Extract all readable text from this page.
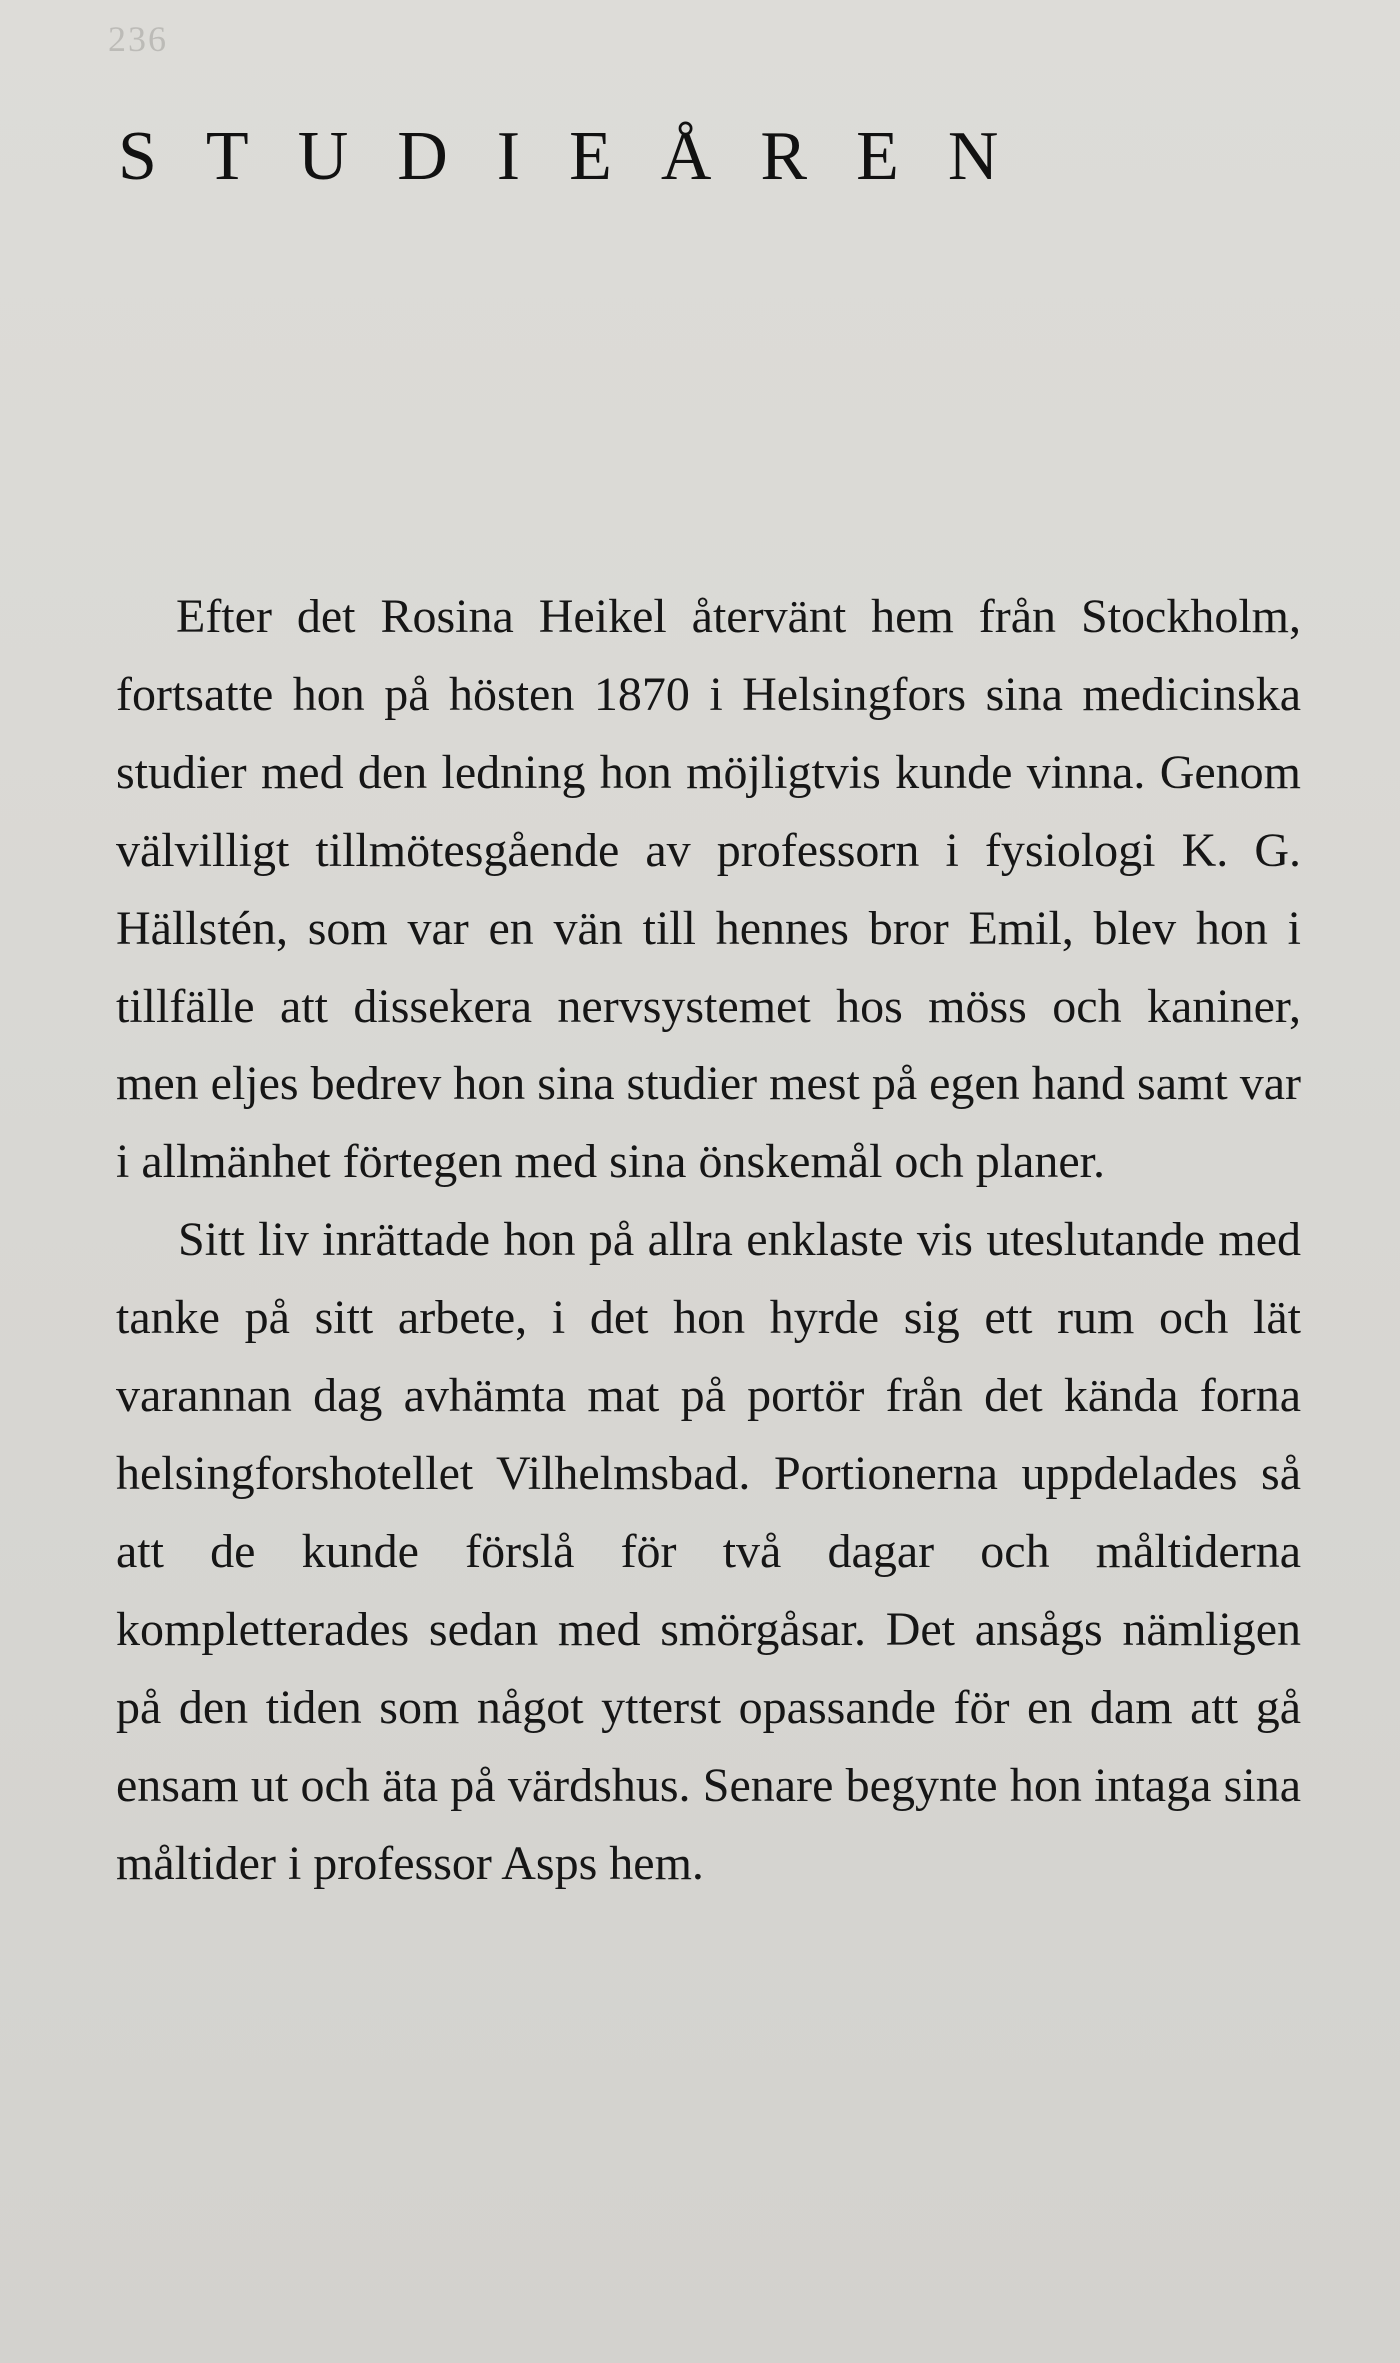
236
STUDIEÅREN

Efter det Rosina Heikel återvänt hem från Stockholm, fortsatte hon på hösten 1870 i Helsingfors sina medicinska studier med den ledning hon möjligtvis kunde vinna. Genom välvilligt tillmötesgående av professorn i fysiologi K. G. Hällstén, som var en vän till hennes bror Emil, blev hon i tillfälle att dissekera nervsystemet hos möss och kaniner, men eljes bedrev hon sina studier mest på egen hand samt var i allmänhet förtegen med sina önskemål och planer.

Sitt liv inrättade hon på allra enklaste vis uteslutande med tanke på sitt arbete, i det hon hyrde sig ett rum och lät varannan dag avhämta mat på portör från det kända forna helsingforshotellet Vilhelmsbad. Portionerna uppdelades så att de kunde förslå för två dagar och måltiderna kompletterades sedan med smörgåsar. Det ansågs nämligen på den tiden som något ytterst opassande för en dam att gå ensam ut och äta på värdshus. Senare begynte hon intaga sina måltider i professor Asps hem.
